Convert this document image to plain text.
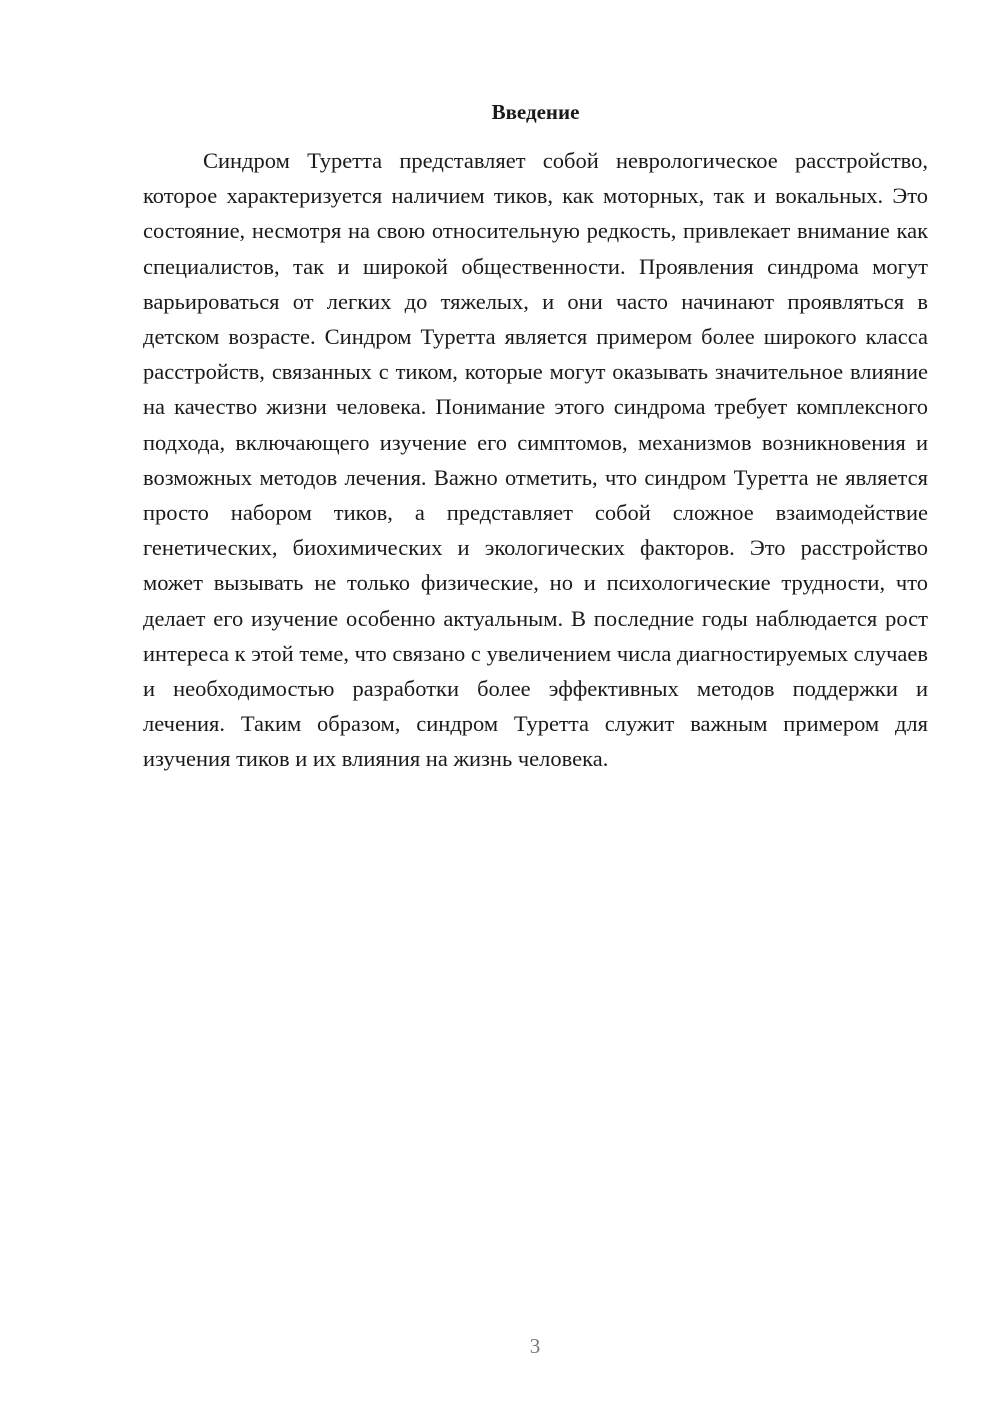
Введение

Синдром Туретта представляет собой неврологическое расстройство, которое характеризуется наличием тиков, как моторных, так и вокальных. Это состояние, несмотря на свою относительную редкость, привлекает внимание как специалистов, так и широкой общественности. Проявления синдрома могут варьироваться от легких до тяжелых, и они часто начинают проявляться в детском возрасте. Синдром Туретта является примером более широкого класса расстройств, связанных с тиком, которые могут оказывать значительное влияние на качество жизни человека. Понимание этого синдрома требует комплексного подхода, включающего изучение его симптомов, механизмов возникновения и возможных методов лечения. Важно отметить, что синдром Туретта не является просто набором тиков, а представляет собой сложное взаимодействие генетических, биохимических и экологических факторов. Это расстройство может вызывать не только физические, но и психологические трудности, что делает его изучение особенно актуальным. В последние годы наблюдается рост интереса к этой теме, что связано с увеличением числа диагностируемых случаев и необходимостью разработки более эффективных методов поддержки и лечения. Таким образом, синдром Туретта служит важным примером для изучения тиков и их влияния на жизнь человека.

3
